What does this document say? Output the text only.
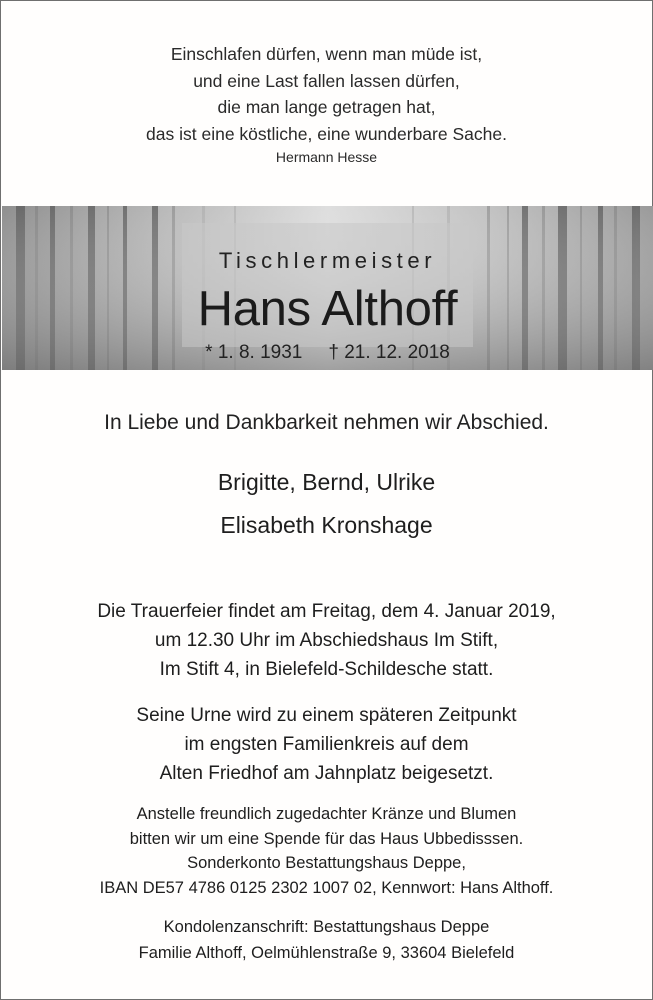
Einschlafen dürfen, wenn man müde ist,
und eine Last fallen lassen dürfen,
die man lange getragen hat,
das ist eine köstliche, eine wunderbare Sache.
Hermann Hesse
Tischlermeister
Hans Althoff
* 1. 8. 1931 † 21. 12. 2018
In Liebe und Dankbarkeit nehmen wir Abschied.
Brigitte, Bernd, Ulrike
Elisabeth Kronshage
Die Trauerfeier findet am Freitag, dem 4. Januar 2019,
um 12.30 Uhr im Abschiedshaus Im Stift,
Im Stift 4, in Bielefeld-Schildesche statt.
Seine Urne wird zu einem späteren Zeitpunkt
im engsten Familienkreis auf dem
Alten Friedhof am Jahnplatz beigesetzt.
Anstelle freundlich zugedachter Kränze und Blumen
bitten wir um eine Spende für das Haus Ubbedisssen.
Sonderkonto Bestattungshaus Deppe,
IBAN DE57 4786 0125 2302 1007 02, Kennwort: Hans Althoff.
Kondolenzanschrift: Bestattungshaus Deppe
Familie Althoff, Oelmühlenstraße 9, 33604 Bielefeld
